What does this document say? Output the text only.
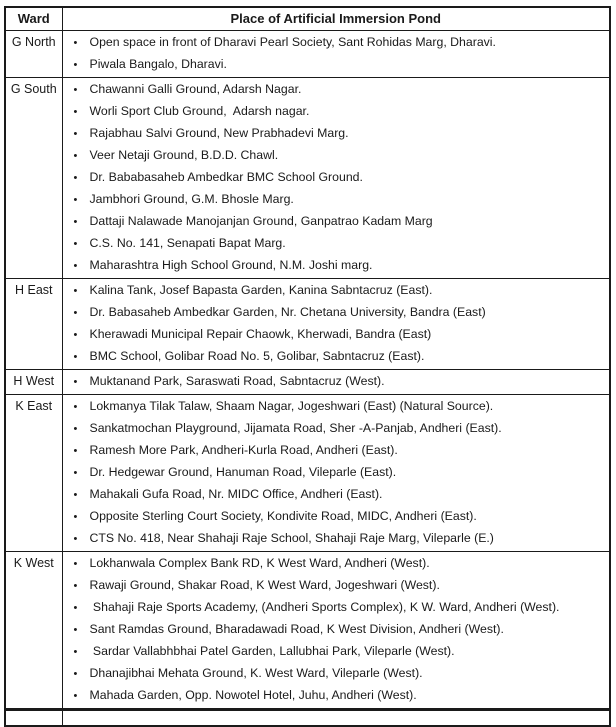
Ward	Place of Artificial Immersion Pond
G North	• Open space in front of Dharavi Pearl Society, Sant Rohidas Marg, Dharavi.
• Piwala Bangalo, Dharavi.

G South	• Chawanni Galli Ground, Adarsh Nagar.
• Worli Sport Club Ground,  Adarsh nagar.
• Rajabhau Salvi Ground, New Prabhadevi Marg.
• Veer Netaji Ground, B.D.D. Chawl.
• Dr. Bababasaheb Ambedkar BMC School Ground.
• Jambhori Ground, G.M. Bhosle Marg.
• Dattaji Nalawade Manojanjan Ground, Ganpatrao Kadam Marg
• C.S. No. 141, Senapati Bapat Marg.
• Maharashtra High School Ground, N.M. Joshi marg.

H East	• Kalina Tank, Josef Bapasta Garden, Kanina Sabntacruz (East).
• Dr. Babasaheb Ambedkar Garden, Nr. Chetana University, Bandra (East)
• Kherawadi Municipal Repair Chaowk, Kherwadi, Bandra (East)
• BMC School, Golibar Road No. 5, Golibar, Sabntacruz (East).

H West	• Muktanand Park, Saraswati Road, Sabntacruz (West).

K East	• Lokmanya Tilak Talaw, Shaam Nagar, Jogeshwari (East) (Natural Source).
• Sankatmochan Playground, Jijamata Road, Sher -A-Panjab, Andheri (East).
• Ramesh More Park, Andheri-Kurla Road, Andheri (East).
• Dr. Hedgewar Ground, Hanuman Road, Vileparle (East).
• Mahakali Gufa Road, Nr. MIDC Office, Andheri (East).
• Opposite Sterling Court Society, Kondivite Road, MIDC, Andheri (East).
• CTS No. 418, Near Shahaji Raje School, Shahaji Raje Marg, Vileparle (E.)

K West	• Lokhanwala Complex Bank RD, K West Ward, Andheri (West).
• Rawaji Ground, Shakar Road, K West Ward, Jogeshwari (West).
• Shahaji Raje Sports Academy, (Andheri Sports Complex), K W. Ward, Andheri (West).
• Sant Ramdas Ground, Bharadawadi Road, K West Division, Andheri (West).
• Sardar Vallabhbhai Patel Garden, Lallubhai Park, Vileparle (West).
• Dhanajibhai Mehata Ground, K. West Ward, Vileparle (West).
• Mahada Garden, Opp. Nowotel Hotel, Juhu, Andheri (West).
